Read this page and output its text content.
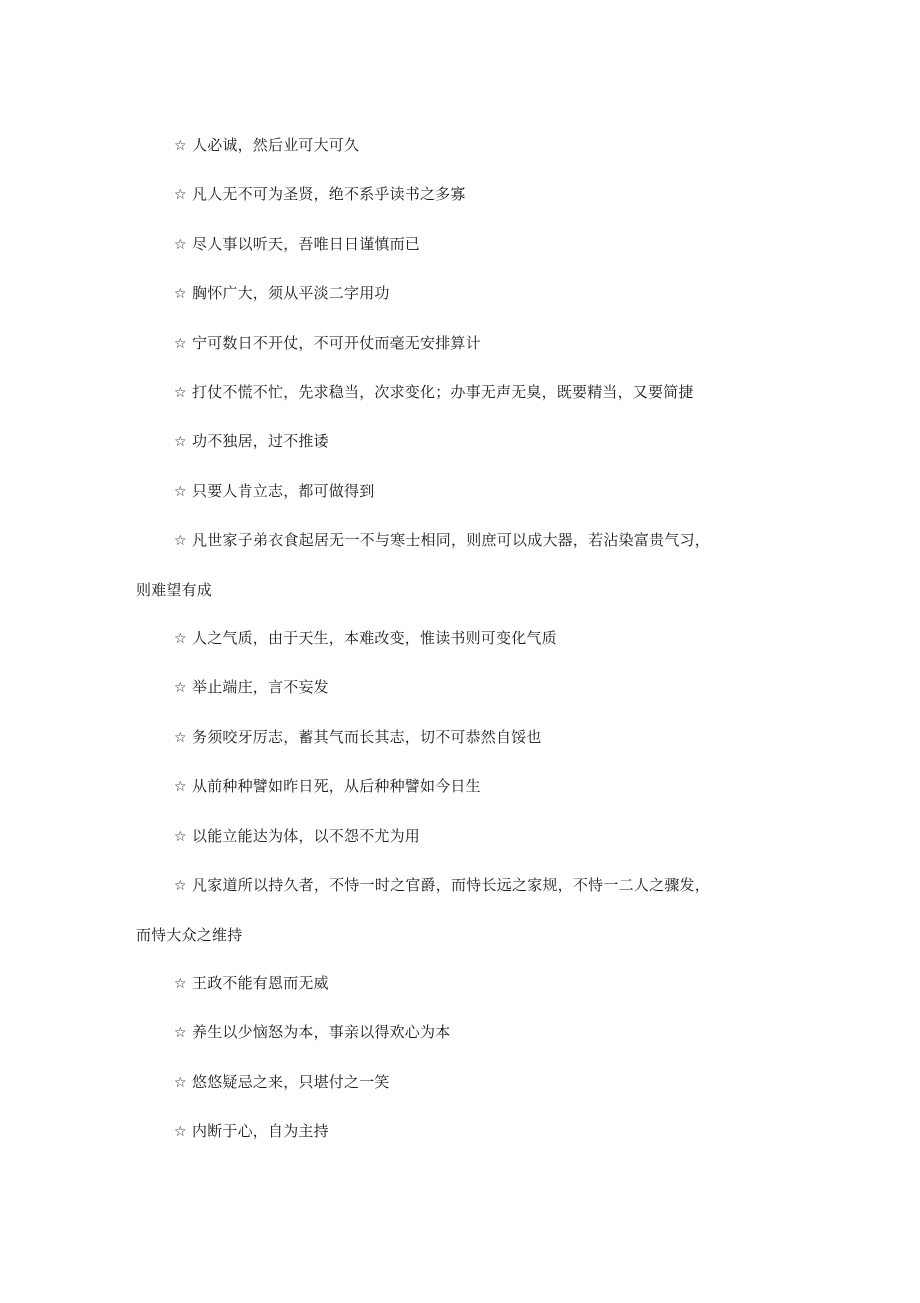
☆ 人必诚，然后业可大可久
☆ 凡人无不可为圣贤，绝不系乎读书之多寡
☆ 尽人事以听天，吾唯日日谨慎而已
☆ 胸怀广大，须从平淡二字用功
☆ 宁可数日不开仗，不可开仗而毫无安排算计
☆ 打仗不慌不忙，先求稳当，次求变化；办事无声无臭，既要精当，又要简捷
☆ 功不独居，过不推诿
☆ 只要人肯立志，都可做得到
☆ 凡世家子弟衣食起居无一不与寒士相同，则庶可以成大器，若沾染富贵气习，则难望有成
☆ 人之气质，由于天生，本难改变，惟读书则可变化气质
☆ 举止端庄，言不妄发
☆ 务须咬牙厉志，蓄其气而长其志，切不可恭然自馁也
☆ 从前种种譬如昨日死，从后种种譬如今日生
☆ 以能立能达为体，以不怨不尤为用
☆ 凡家道所以持久者，不恃一时之官爵，而恃长远之家规，不恃一二人之骤发，而恃大众之维持
☆ 王政不能有恩而无威
☆ 养生以少恼怒为本，事亲以得欢心为本
☆ 悠悠疑忌之来，只堪付之一笑
☆ 内断于心，自为主持
